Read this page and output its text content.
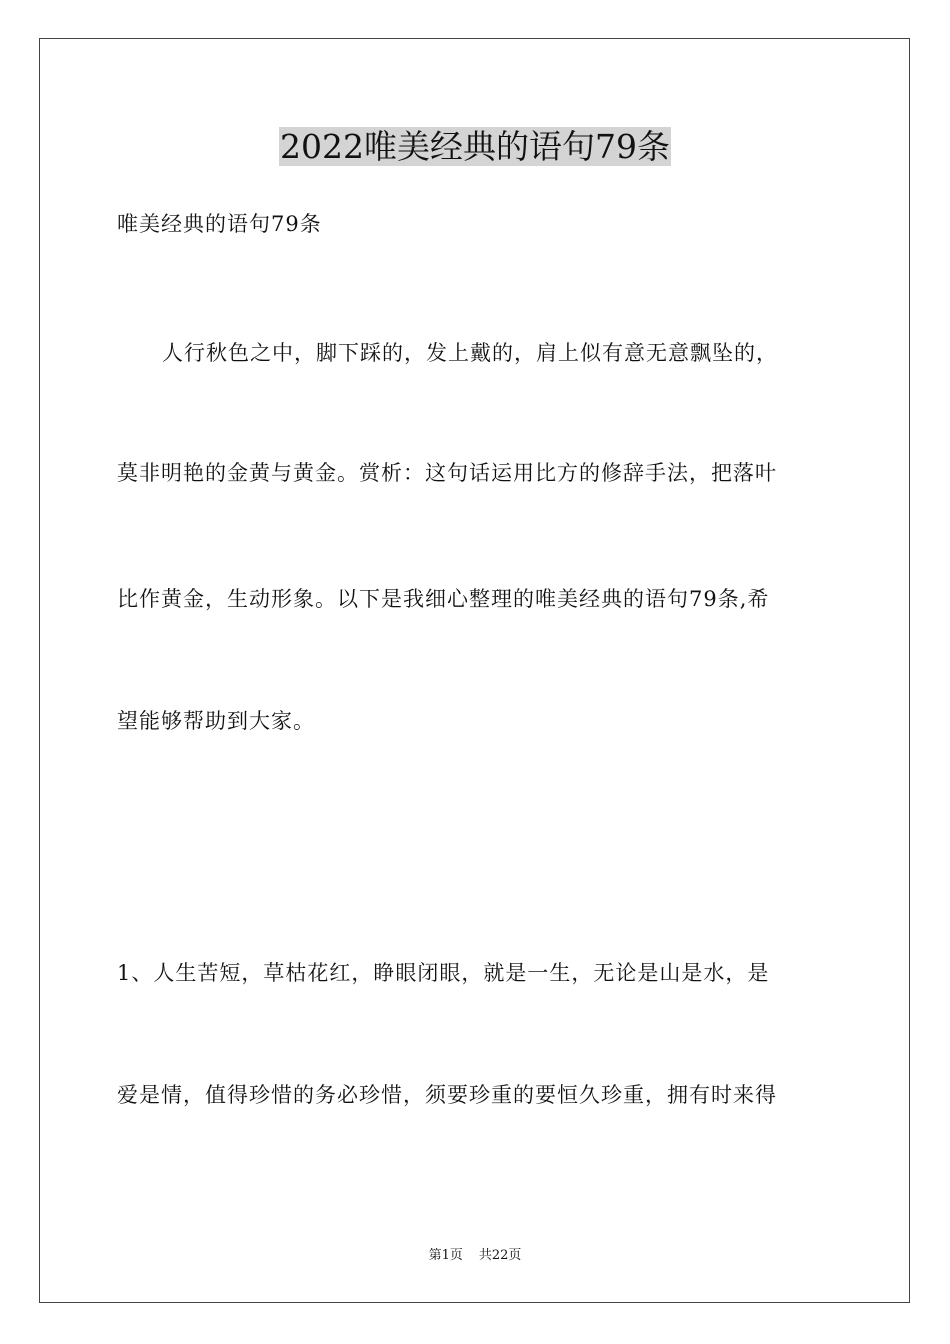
2022唯美经典的语句79条
唯美经典的语句79条
人行秋色之中，脚下踩的，发上戴的，肩上似有意无意飘坠的，
莫非明艳的金黄与黄金。赏析：这句话运用比方的修辞手法，把落叶
比作黄金，生动形象。以下是我细心整理的唯美经典的语句79条,希
望能够帮助到大家。
1、人生苦短，草枯花红，睁眼闭眼，就是一生，无论是山是水，是
爱是情，值得珍惜的务必珍惜，须要珍重的要恒久珍重，拥有时来得
第1页 共22页
